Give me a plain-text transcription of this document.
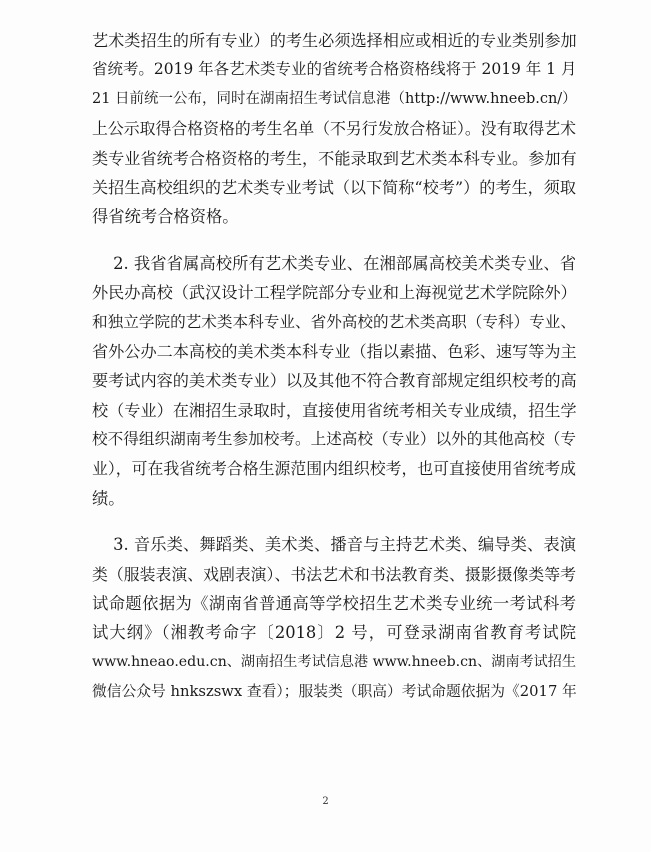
艺术类招生的所有专业）的考生必须选择相应或相近的专业类别参加
省统考。2019 年各艺术类专业的省统考合格资格线将于 2019 年 1 月
21 日前统一公布，同时在湖南招生考试信息港（http://www.hneeb.cn/）
上公示取得合格资格的考生名单（不另行发放合格证）。没有取得艺术
类专业省统考合格资格的考生，不能录取到艺术类本科专业。参加有
关招生高校组织的艺术类专业考试（以下简称“校考”）的考生，须取
得省统考合格资格。
2. 我省省属高校所有艺术类专业、在湘部属高校美术类专业、省
外民办高校（武汉设计工程学院部分专业和上海视觉艺术学院除外）
和独立学院的艺术类本科专业、省外高校的艺术类高职（专科）专业、
省外公办二本高校的美术类本科专业（指以素描、色彩、速写等为主
要考试内容的美术类专业）以及其他不符合教育部规定组织校考的高
校（专业）在湘招生录取时，直接使用省统考相关专业成绩，招生学
校不得组织湖南考生参加校考。上述高校（专业）以外的其他高校（专
业），可在我省统考合格生源范围内组织校考，也可直接使用省统考成
绩。
3. 音乐类、舞蹈类、美术类、播音与主持艺术类、编导类、表演
类（服装表演、戏剧表演）、书法艺术和书法教育类、摄影摄像类等考
试命题依据为《湖南省普通高等学校招生艺术类专业统一考试科考
试大纲》（湘教考命字〔2018〕2 号，可登录湖南省教育考试院
www.hneao.edu.cn、湖南招生考试信息港 www.hneeb.cn、湖南考试招生
微信公众号 hnkszswx 查看）；服装类（职高）考试命题依据为《2017 年
2
